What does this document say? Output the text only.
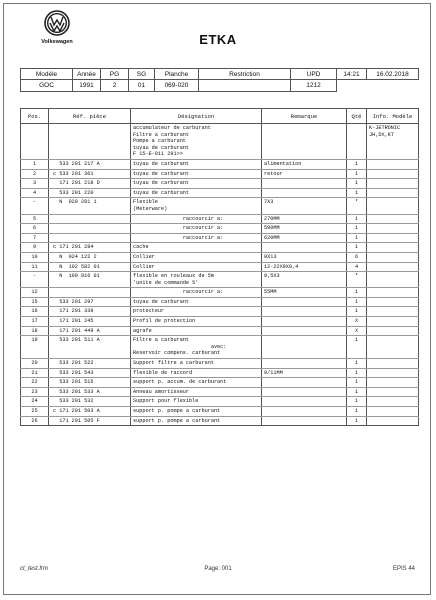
Volkswagen	ETKA
Modèle	Année	PG	SG	Planche	Restriction	UPD	14:21	16.02.2018
GOC	1991	2	01	069-020		1212		
Pos.	Réf. pièce	Désignation	Remarque	Qté	Info. Modèle
		accumulateur de carburant
Filtre a carburant
Pompe a carburant
tuyau de carburant
F 15-E-011 291>>			K-JETRONIC
JH,DX,KT
1	533 201 217 A	tuyau de carburant	alimentation	1	
2	c 533 201 361	tuyau de carburant	retour	1	
3	171 201 218 D	tuyau de carburant		1	
4	533 201 220	tuyau de carburant		1	
-	N  020 281 1	Flexible
(Meterware)	7X3	*	
5		raccourcir a:	270MM	1	
6		raccourcir a:	590MM	1	
7		raccourcir a:	620MM	1	
9	c 171 201 284	cache		1	
10	N  024 122 2	Collier	8X13	6	
11	N  102 582 01	Collier	12-22X9X0,4	4	
-	N  100 816 01	flexible en rouleaux de 5m
'unite de commande 5'	9,5X3	*	
12		raccourcir a:	55MM	1	
15	533 201 297	tuyau de carburant		1	
16	171 201 339	protecteur		1	
17	171 201 245	Profil de protection		X	
18	171 201 449 A	agrafe		X	
19	533 201 511 A	Filtre a carburant
avec:
Reservoir compens. carburant		1	
20	533 201 522	Support filtre a carburant		1	
21	533 201 543	flexible de raccord	9/11MM	1	
22	533 201 515	support p. accum. de carburant		1	
23	533 201 533 A	Anneau amortisseur		1	
24	533 201 532	Support pour flexible		1	
25	c 171 201 503 A	support p. pompe a carburant		1	
26	171 201 505 F	support p. pompe a carburant		1	
ct_test.frm	Page: 001	EPIS 44
